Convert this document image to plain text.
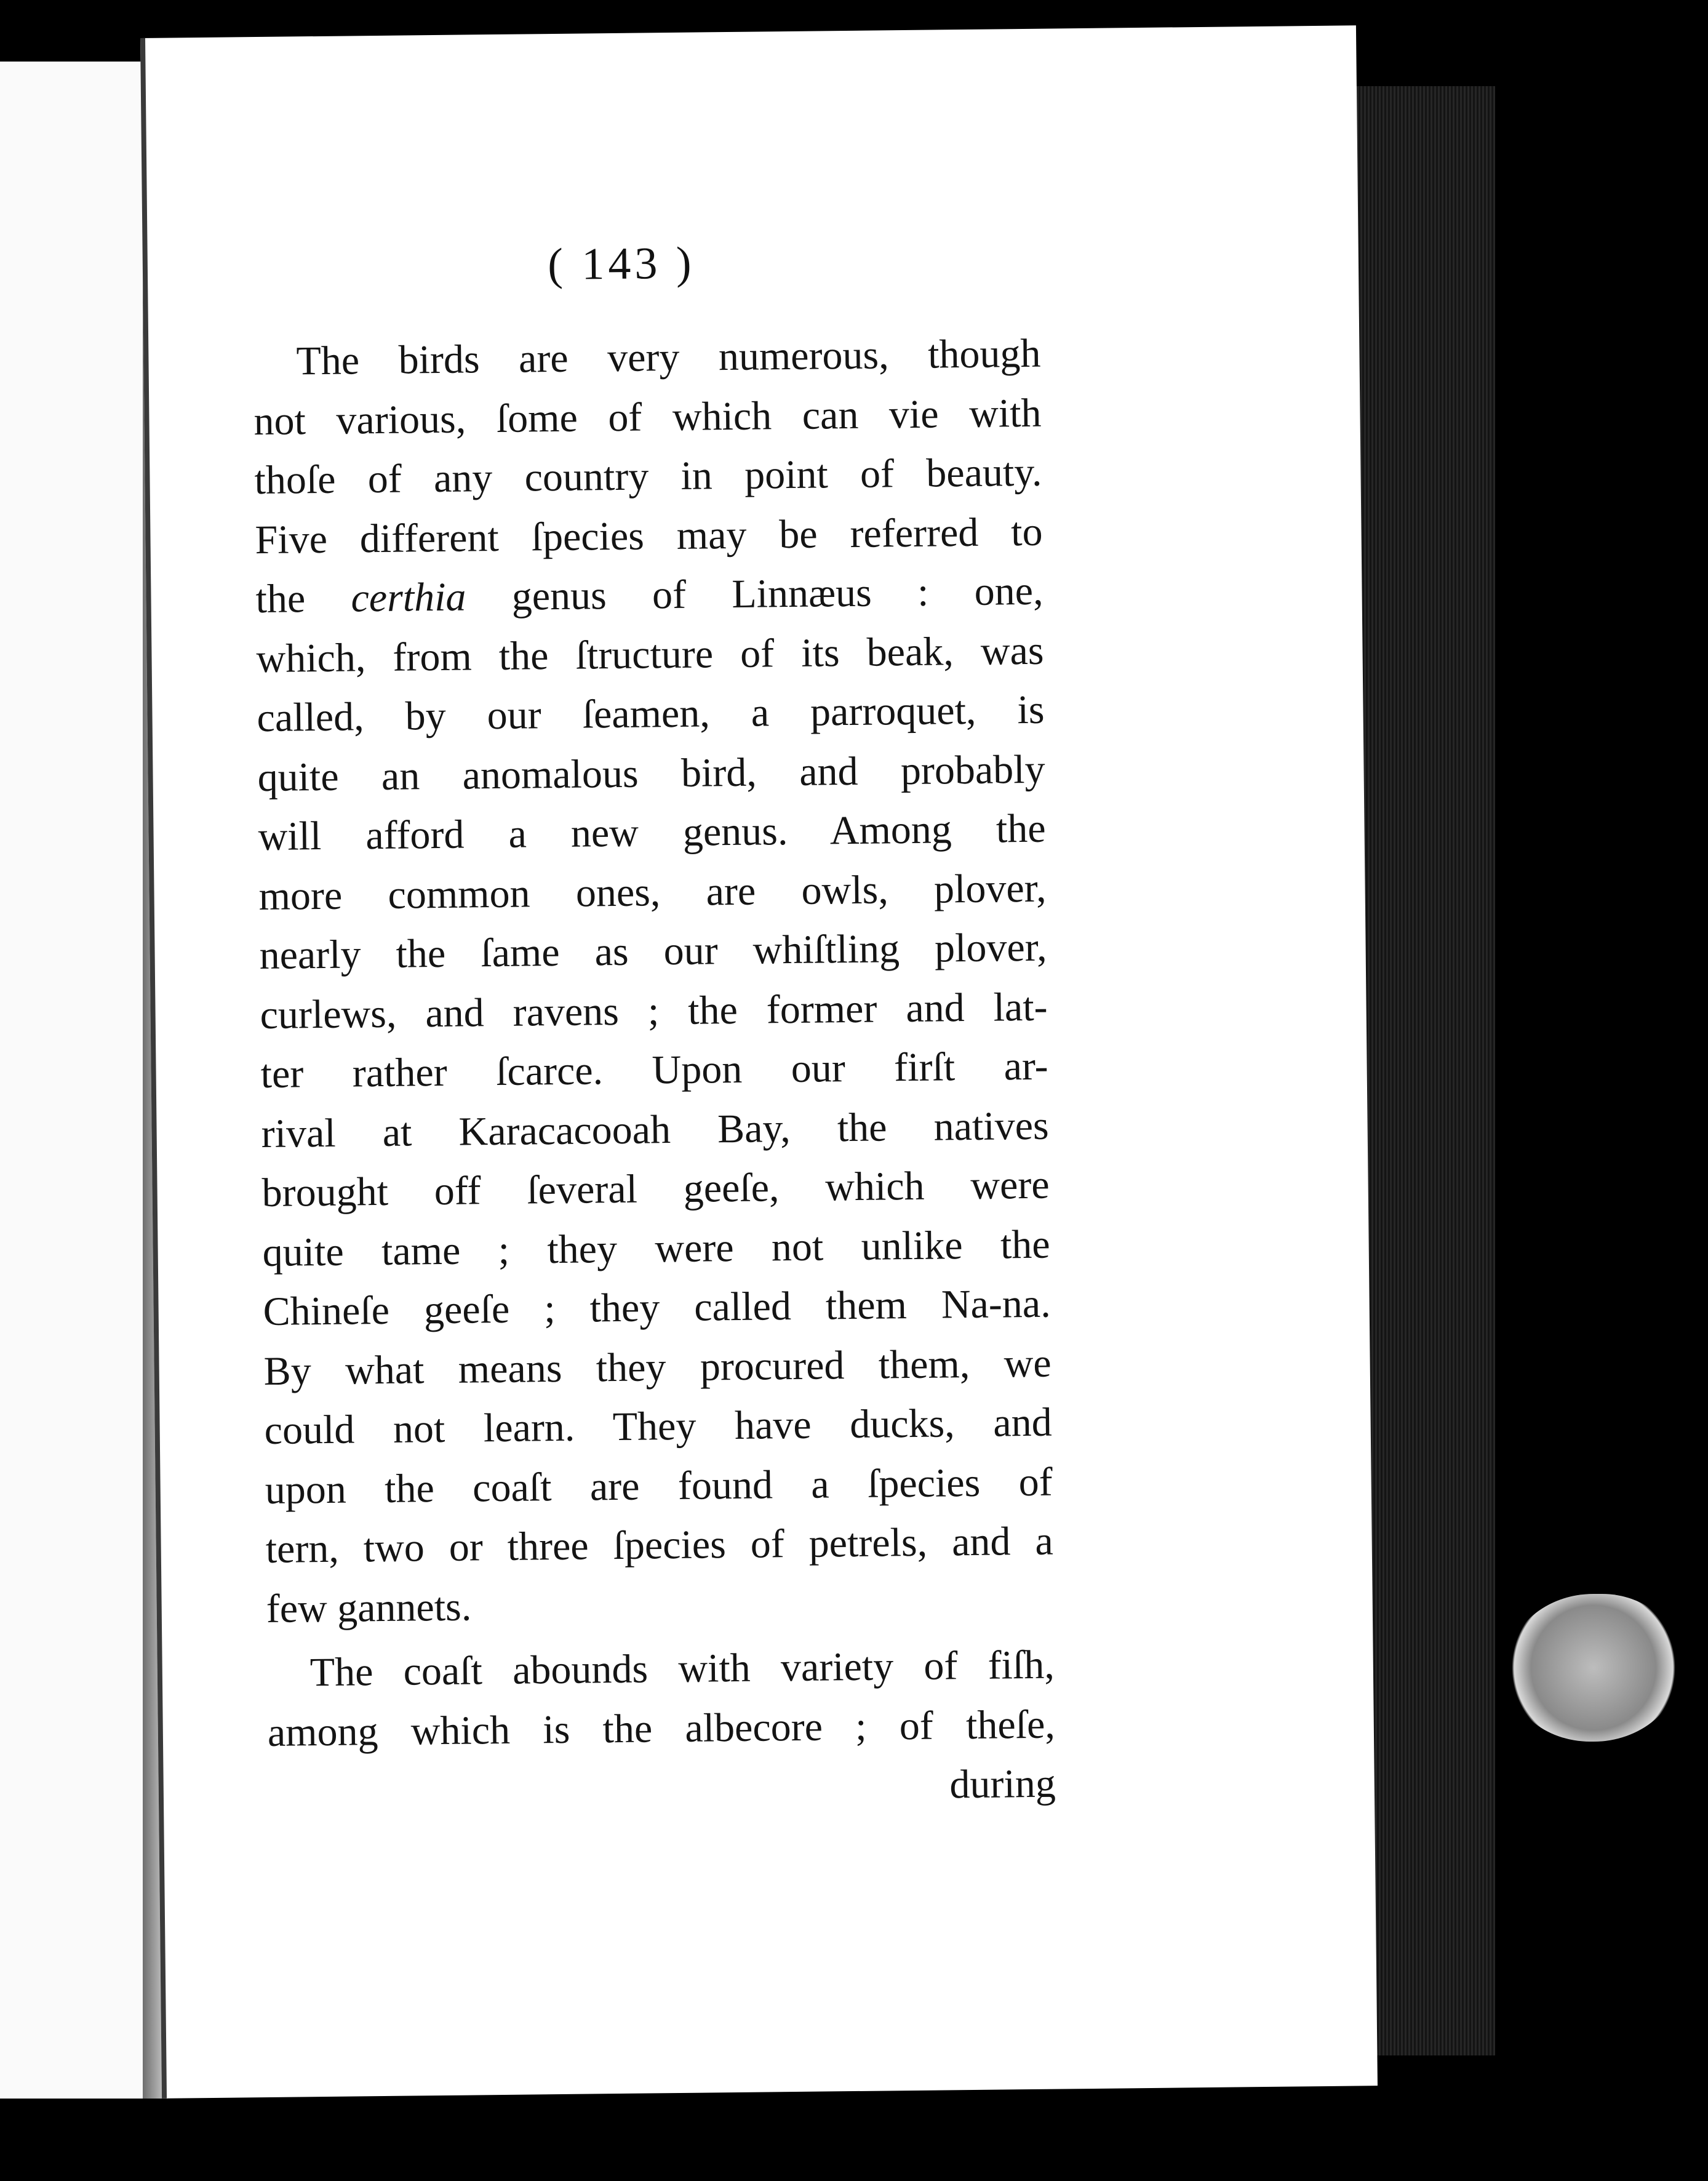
( 143 )

The birds are very numerous, though
not various, ſome of which can vie with
thoſe of any country in point of beauty.
Five different ſpecies may be referred to
the certhia genus of Linnæus : one,
which, from the ſtructure of its beak, was
called, by our ſeamen, a parroquet, is
quite an anomalous bird, and probably
will afford a new genus. Among the
more common ones, are owls, plover,
nearly the ſame as our whiſtling plover,
curlews, and ravens ; the former and lat-
ter rather ſcarce. Upon our firſt ar-
rival at Karacacooah Bay, the natives
brought off ſeveral geeſe, which were
quite tame ; they were not unlike the
Chineſe geeſe ; they called them Na-na.
By what means they procured them, we
could not learn. They have ducks, and
upon the coaſt are found a ſpecies of
tern, two or three ſpecies of petrels, and a
few gannets.

The coaſt abounds with variety of fiſh,
among which is the albecore ; of theſe,

during
